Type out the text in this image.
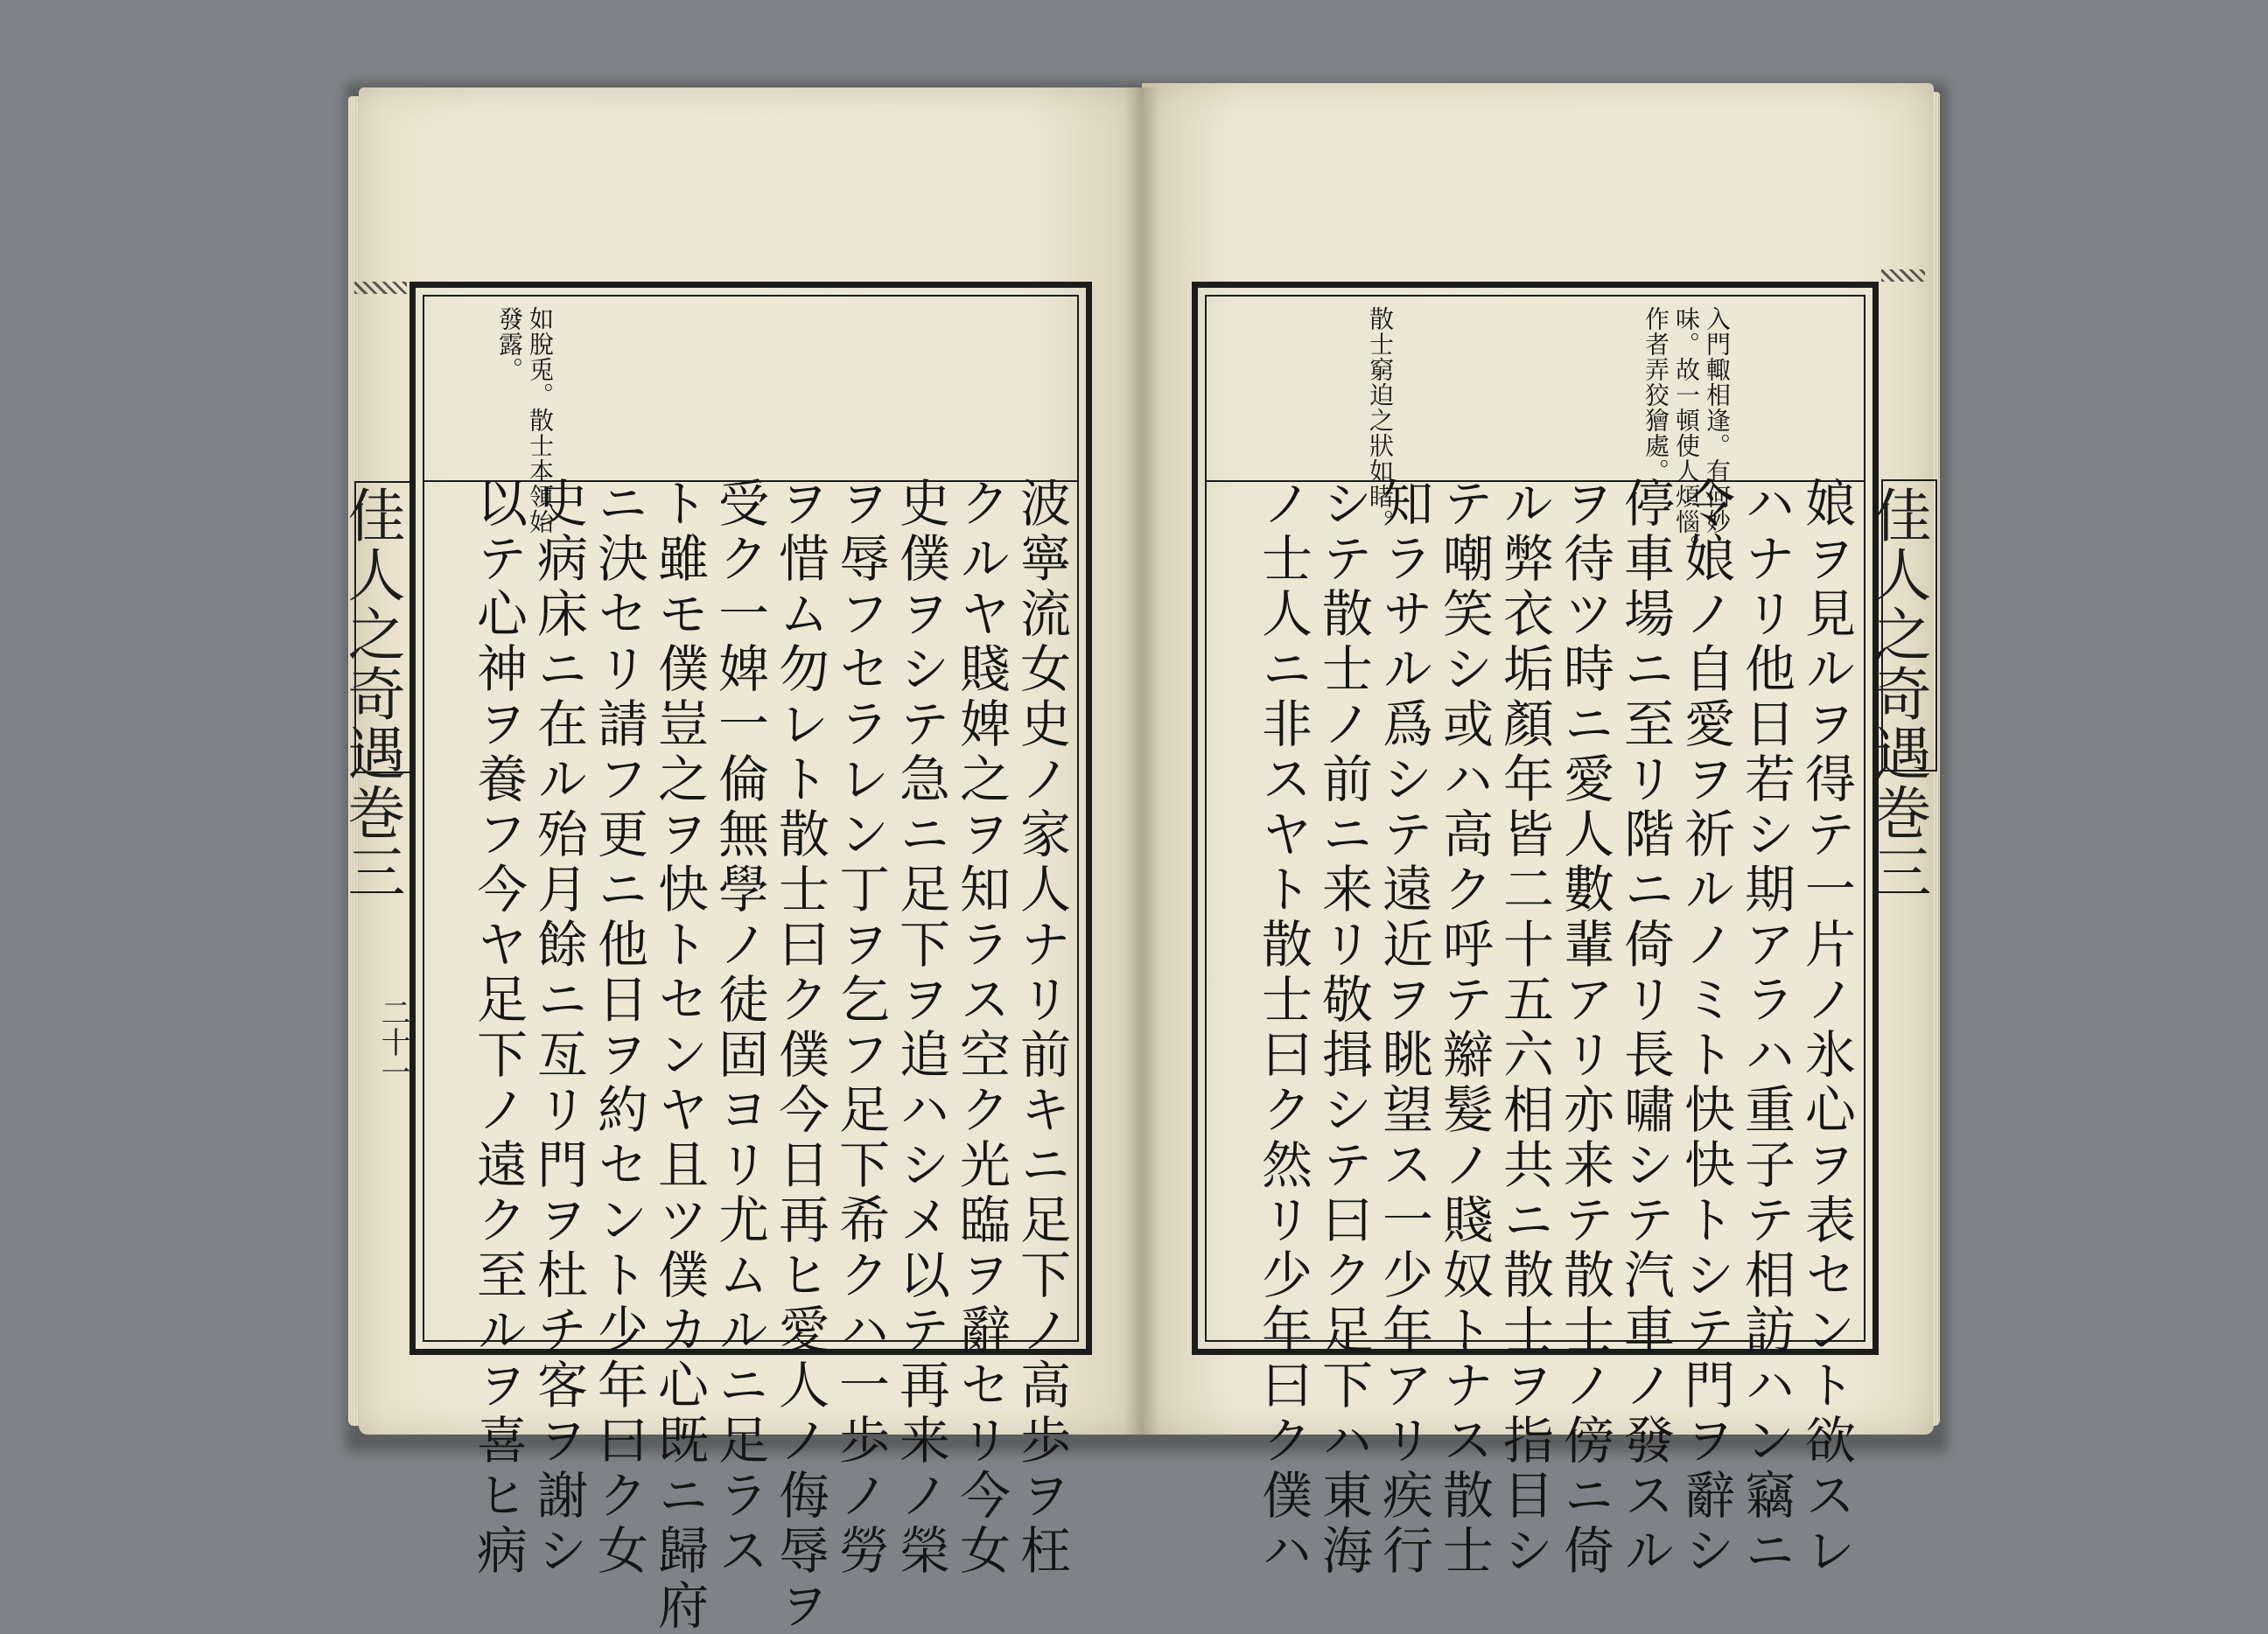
佳人之奇遇
巻三
二十一
佳人之奇遇
巻三
如脫兎。散士本領始
發露。	入門輙相逢。有何妙
味。故一頓使人煩惱。
作者弄狡獪處。
散士窮迫之狀如睹。
波寧流女史ノ家人ナリ前キニ足下ノ高歩ヲ枉
クルヤ賤婢之ヲ知ラス空ク光臨ヲ辭セリ今女
史僕ヲシテ急ニ足下ヲ追ハシメ以テ再来ノ榮
ヲ辱フセラレン丁ヲ乞フ足下希クハ一歩ノ勞
ヲ惜ム勿レト散士曰ク僕今日再ヒ愛人ノ侮辱ヲ
受ク一婢一倫無學ノ徒固ヨリ尤ムルニ足ラス
ト雖モ僕豈之ヲ快トセンヤ且ツ僕カ心既ニ歸府
ニ決セリ請フ更ニ他日ヲ約セント少年曰ク女
史病床ニ在ル殆月餘ニ亙リ門ヲ杜チ客ヲ謝シ
以テ心神ヲ養フ今ヤ足下ノ遠ク至ルヲ喜ヒ病	娘ヲ見ルヲ得テ一片ノ氷心ヲ表セント欲スレ
ハナリ他日若シ期アラハ重子テ相訪ハン竊ニ
令娘ノ自愛ヲ祈ルノミト快快トシテ門ヲ辭シ
停車場ニ至リ階ニ倚リ長嘯シテ汽車ノ發スル
ヲ待ツ時ニ愛人數輩アリ亦来テ散士ノ傍ニ倚
ル弊衣垢顏年皆二十五六相共ニ散士ヲ指目シ
テ嘲笑シ或ハ高ク呼テ辮髮ノ賤奴トナス散士
知ラサル爲シテ遠近ヲ眺望ス一少年アリ疾行
シテ散士ノ前ニ来リ敬揖シテ曰ク足下ハ東海
ノ士人ニ非スヤト散士曰ク然リ少年曰ク僕ハ
